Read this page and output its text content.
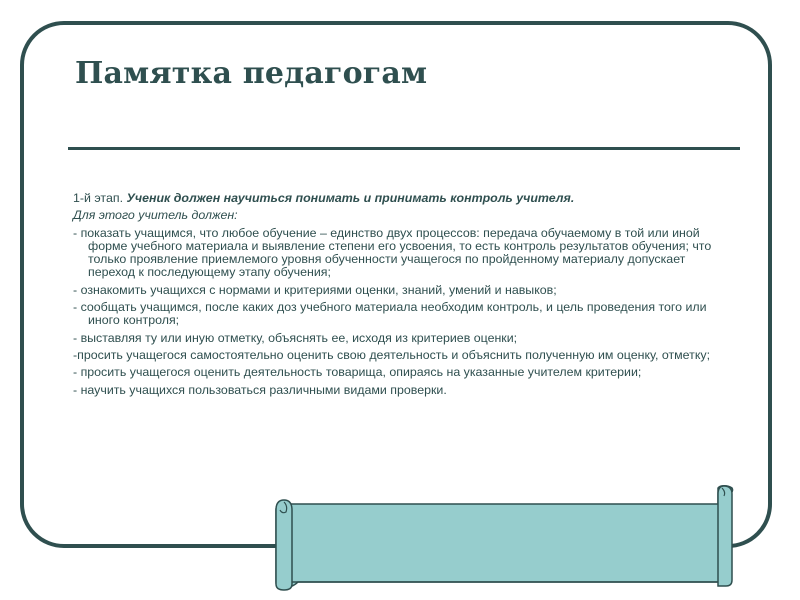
Памятка педагогам

1-й этап. Ученик должен научиться понимать и принимать контроль учителя.

Для этого учитель должен:

- показать учащимся, что любое обучение – единство двух процессов: передача обучаемому в той или иной форме учебного материала и выявление степени его усвоения, то есть контроль результатов обучения; что только проявление приемлемого уровня обученности учащегося по пройденному материалу допускает переход к последующему этапу обучения;

- ознакомить учащихся с нормами и критериями оценки, знаний, умений и навыков;

- сообщать учащимся, после каких доз учебного материала необходим контроль, и цель проведения того или иного контроля;

- выставляя ту или иную отметку, объяснять ее, исходя из критериев оценки;

-просить учащегося самостоятельно оценить свою деятельность и объяснить полученную им оценку, отметку;

- просить учащегося оценить деятельность товарища, опираясь на указанные учителем критерии;

- научить учащихся пользоваться различными видами проверки.
